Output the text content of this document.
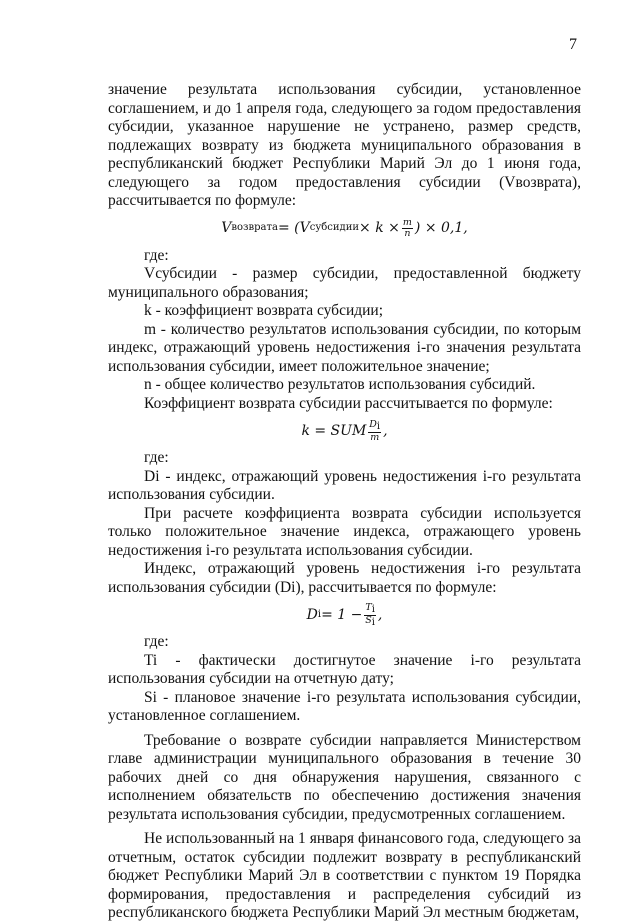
7

значение результата использования субсидии, установленное соглашением, и до 1 апреля года, следующего за годом предоставления субсидии, указанное нарушение не устранено, размер средств, подлежащих возврату из бюджета муниципального образования в республиканский бюджет Республики Марий Эл до 1 июня года, следующего за годом предоставления субсидии (Vвозврата), рассчитывается по формуле:

V возврата = ( V субсидии × $k \times \frac{m}{n}$ ) × 0,1,

где:

Vсубсидии - размер субсидии, предоставленной бюджету муниципального образования;

k - коэффициент возврата субсидии;

m - количество результатов использования субсидии, по которым индекс, отражающий уровень недостижения i-го значения результата использования субсидии, имеет положительное значение;

n - общее количество результатов использования субсидий.

Коэффициент возврата субсидии рассчитывается по формуле:

k = SUM Di
m ,

где:

Di - индекс, отражающий уровень недостижения i-го результата использования субсидии.

При расчете коэффициента возврата субсидии используется только положительное значение индекса, отражающего уровень недостижения i-го результата использования субсидии.

Индекс, отражающий уровень недостижения i-го результата использования субсидии (Di), рассчитывается по формуле:

D $i = 1 - \frac{Ti}{Si}$ ,

где:

Ti - фактически достигнутое значение i-го результата использования субсидии на отчетную дату;

Si - плановое значение i-го результата использования субсидии, установленное соглашением.

Требование о возврате субсидии направляется Министерством главе администрации муниципального образования в течение 30 рабочих дней со дня обнаружения нарушения, связанного с исполнением обязательств по обеспечению достижения значения результата использования субсидии, предусмотренных соглашением.

Не использованный на 1 января финансового года, следующего за отчетным, остаток субсидии подлежит возврату в республиканский бюджет Республики Марий Эл в соответствии с пунктом 19 Порядка формирования, предоставления и распределения субсидий из республиканского бюджета Республики Марий Эл местным бюджетам,
